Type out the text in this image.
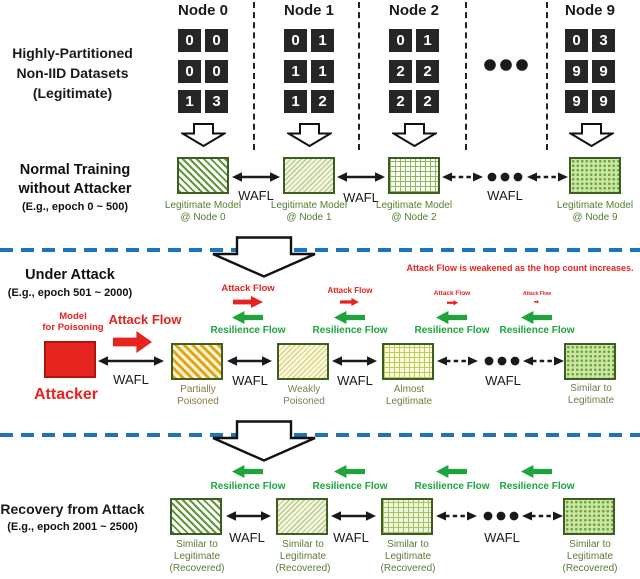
Highly-Partitioned
Non-IID Datasets
(Legitimate)
Node 0
0	0
0	0
1	3
Node 1
0	1
1	1
1	2
Node 2
0	1
2	2
2	2
Node 9
0	3
9	9
9	9
Normal Training
without Attacker
(E.g., epoch 0 ~ 500)
WAFL	WAFL	WAFL
Legitimate Model
@ Node 0
Legitimate Model
@ Node 1
Legitimate Model
@ Node 2
Legitimate Model
@ Node 9
Under Attack
(E.g., epoch 501 ~ 2000)
Attack Flow is weakened as the hop count increases.
Model
for Poisoning
Attacker
Attack Flow
WAFL
Attack Flow
Resilience Flow
Attack Flow
Resilience Flow
Attack Flow
Resilience Flow
Attack Flow
Resilience Flow
WAFL	WAFL	WAFL
Partially
Poisoned
Weakly
Poisoned
Almost
Legitimate
Similar to
Legitimate
Resilience Flow	Resilience Flow	Resilience Flow Resilience Flow
Recovery from Attack
(E.g., epoch 2001 ~ 2500)
WAFL	WAFL	WAFL
Similar to
Legitimate
(Recovered)
Similar to
Legitimate
(Recovered)
Similar to
Legitimate
(Recovered)
Similar to
Legitimate
(Recovered)
